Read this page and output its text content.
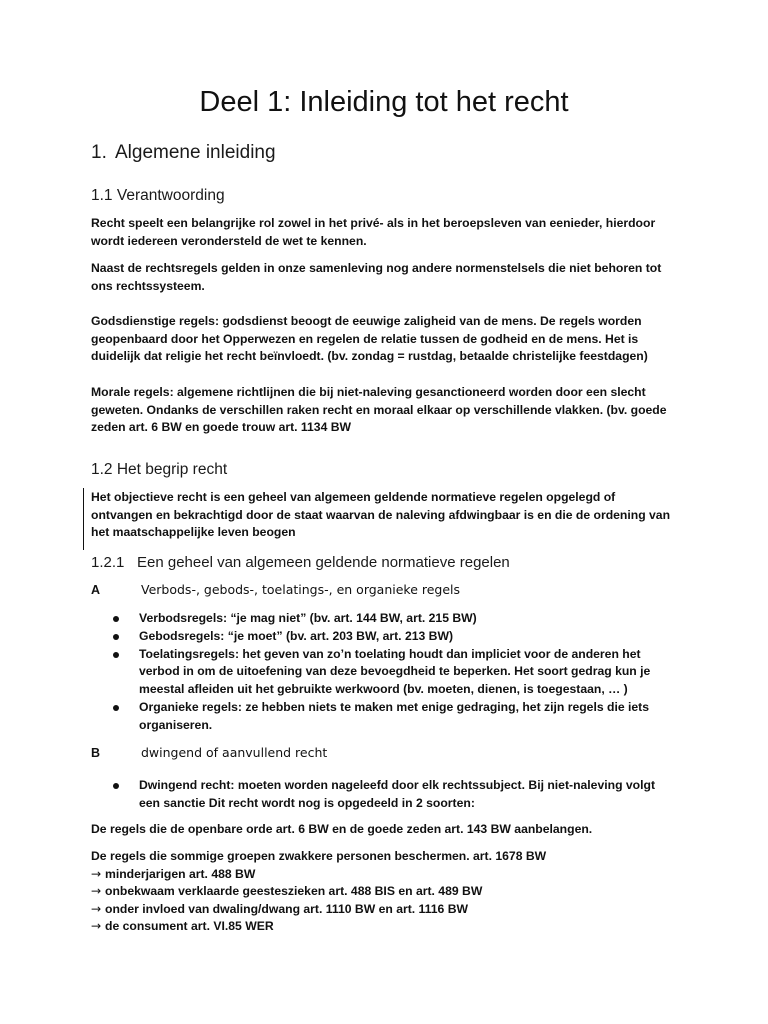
Deel 1: Inleiding tot het recht
1. Algemene inleiding
1.1 Verantwoording

Recht speelt een belangrijke rol zowel in het privé- als in het beroepsleven van eenieder, hierdoor wordt iedereen verondersteld de wet te kennen.

Naast de rechtsregels gelden in onze samenleving nog andere normenstelsels die niet behoren tot ons rechtssysteem.

Godsdienstige regels: godsdienst beoogt de eeuwige zaligheid van de mens. De regels worden geopenbaard door het Opperwezen en regelen de relatie tussen de godheid en de mens. Het is duidelijk dat religie het recht beïnvloedt. (bv. zondag = rustdag, betaalde christelijke feestdagen)

Morale regels: algemene richtlijnen die bij niet-naleving gesanctioneerd worden door een slecht geweten. Ondanks de verschillen raken recht en moraal elkaar op verschillende vlakken. (bv. goede zeden art. 6 BW en goede trouw art. 1134 BW

1.2 Het begrip recht

Het objectieve recht is een geheel van algemeen geldende normatieve regelen opgelegd of ontvangen en bekrachtigd door de staat waarvan de naleving afdwingbaar is en die de ordening van het maatschappelijke leven beogen

1.2.1 Een geheel van algemeen geldende normatieve regelen
A	Verbods-, gebods-, toelatings-, en organieke regels
Verbodsregels: “je mag niet” (bv. art. 144 BW, art. 215 BW)
Gebodsregels: “je moet” (bv. art. 203 BW, art. 213 BW)
Toelatingsregels: het geven van zo’n toelating houdt dan impliciet voor de anderen het verbod in om de uitoefening van deze bevoegdheid te beperken. Het soort gedrag kun je meestal afleiden uit het gebruikte werkwoord (bv. moeten, dienen, is toegestaan, … )
Organieke regels: ze hebben niets te maken met enige gedraging, het zijn regels die iets organiseren.
B	dwingend of aanvullend recht
Dwingend recht: moeten worden nageleefd door elk rechtssubject. Bij niet-naleving volgt een sanctie Dit recht wordt nog is opgedeeld in 2 soorten:

De regels die de openbare orde art. 6 BW en de goede zeden art. 143 BW aanbelangen.

De regels die sommige groepen zwakkere personen beschermen. art. 1678 BW
→ minderjarigen art. 488 BW
→ onbekwaam verklaarde geesteszieken art. 488 BIS en art. 489 BW
→ onder invloed van dwaling/dwang art. 1110 BW en art. 1116 BW
→ de consument art. VI.85 WER
